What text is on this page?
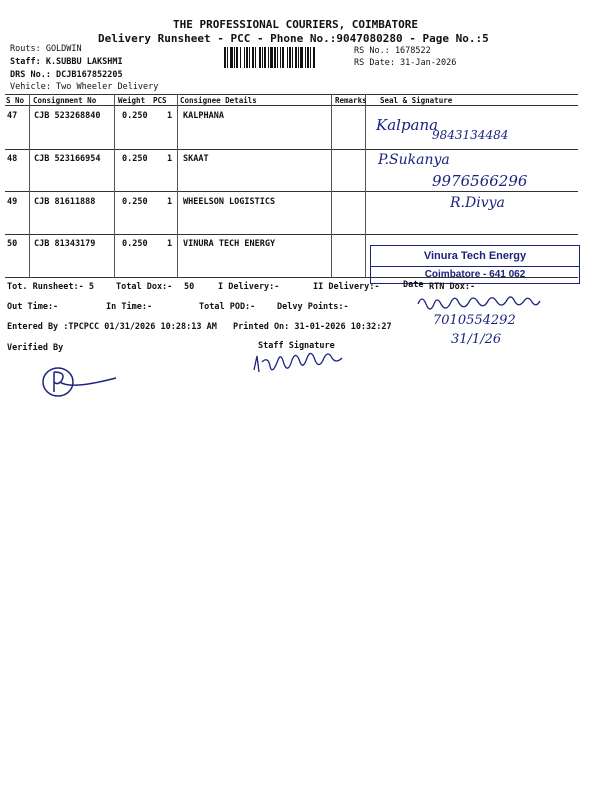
THE PROFESSIONAL COURIERS, COIMBATORE
Delivery Runsheet - PCC - Phone No.:9047080280 - Page No.:5
Routs: GOLDWIN
Staff: K.SUBBU LAKSHMI
DRS No.: DCJB167852205
Vehicle: Two Wheeler Delivery
RS No.: 1678522
RS Date: 31-Jan-2026
S No Consignment No	Weight PCS Consignee Details	Remarks Seal & Signature
47 CJB 523268840	0.250 1 KALPHANA
48 CJB 523166954	0.250 1 SKAAT
49 CJB 81611888	0.250 1 WHEELSON LOGISTICS
50 CJB 81343179	0.250 1 VINURA TECH ENERGY
Kalpana
9843134484
P.Sukanya
9976566296
R.Divya
Vinura Tech Energy
Coimbatore - 641 062
Tot. Runsheet:- 5	Total Dox:- 50	I Delivery:-	II Delivery:-	Date RTN Dox:-
Out Time:-	In Time:-	Total POD:-	Delvy Points:-
Entered By :TPCPCC 01/31/2026 10:28:13 AM Printed On: 31-01-2026 10:32:27	7010554292
31/1/26
Verified By	Staff Signature
